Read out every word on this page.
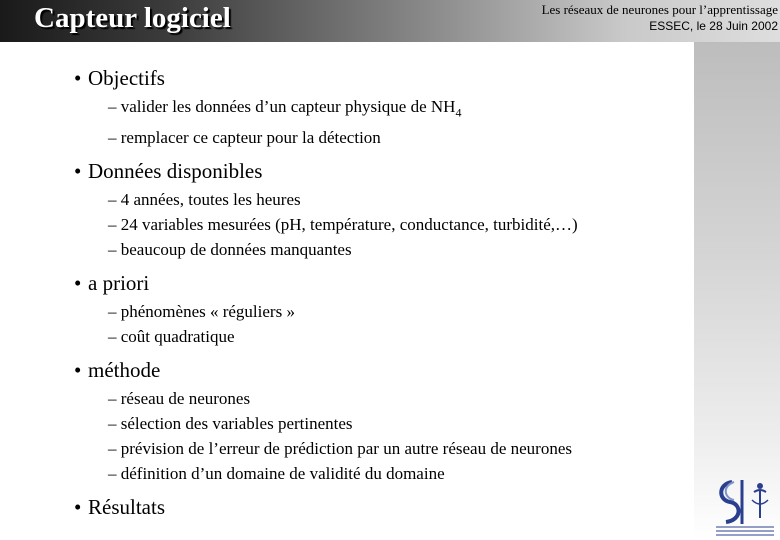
Capteur logiciel	Les réseaux de neurones pour l’apprentissage
ESSEC, le 28 Juin 2002
• Objectifs
– valider les données d’un capteur physique de $NH_4$
– remplacer ce capteur pour la détection
• Données disponibles
– 4 années, toutes les heures
– 24 variables mesurées (pH, température, conductance, turbidité,…)
– beaucoup de données manquantes
• a priori
– phénomènes « réguliers »
– coût quadratique
• méthode
– réseau de neurones
– sélection des variables pertinentes
– prévision de l’erreur de prédiction par un autre réseau de neurones
– définition d’un domaine de validité du domaine
• Résultats
